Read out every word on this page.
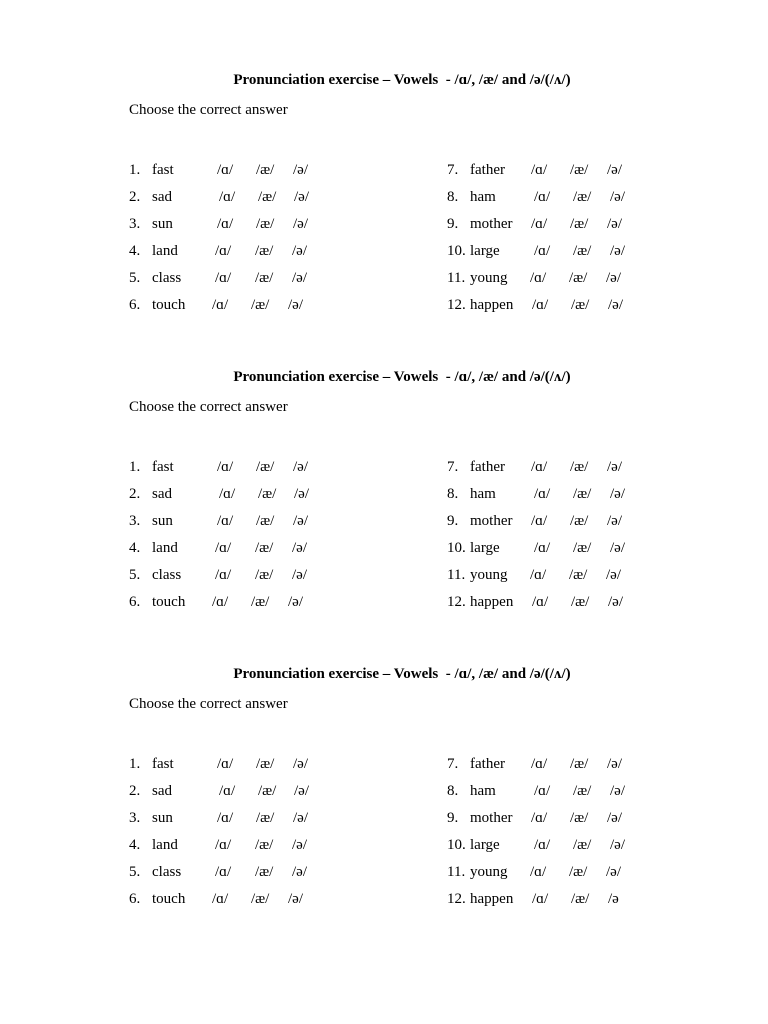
Pronunciation exercise – Vowels  - /ɑ/, /æ/ and /ə/(/ʌ/)
Choose the correct answer
1. fast	/ɑ/ /æ/ /ə/
2. sad	/ɑ/ /æ/ /ə/
3. sun	/ɑ/ /æ/ /ə/
4. land /ɑ/ /æ/ /ə/
5. class /ɑ/ /æ/ /ə/
6. touch /ɑ/ /æ/ /ə/
7. father /ɑ/ /æ/ /ə/
8. ham	/ɑ/ /æ/ /ə/
9. mother /ɑ/ /æ/ /ə/
10. large /ɑ/ /æ/ /ə/
11. young /ɑ/ /æ/ /ə/
12. happen /ɑ/ /æ/ /ə/
Pronunciation exercise – Vowels  - /ɑ/, /æ/ and /ə/(/ʌ/)
Choose the correct answer
1. fast	/ɑ/ /æ/ /ə/
2. sad	/ɑ/ /æ/ /ə/
3. sun	/ɑ/ /æ/ /ə/
4. land /ɑ/ /æ/ /ə/
5. class /ɑ/ /æ/ /ə/
6. touch /ɑ/ /æ/ /ə/
7. father /ɑ/ /æ/ /ə/
8. ham	/ɑ/ /æ/ /ə/
9. mother /ɑ/ /æ/ /ə/
10. large /ɑ/ /æ/ /ə/
11. young /ɑ/ /æ/ /ə/
12. happen /ɑ/ /æ/ /ə/
Pronunciation exercise – Vowels  - /ɑ/, /æ/ and /ə/(/ʌ/)
Choose the correct answer
1. fast	/ɑ/ /æ/ /ə/
2. sad	/ɑ/ /æ/ /ə/
3. sun	/ɑ/ /æ/ /ə/
4. land /ɑ/ /æ/ /ə/
5. class /ɑ/ /æ/ /ə/
6. touch /ɑ/ /æ/ /ə/
7. father /ɑ/ /æ/ /ə/
8. ham	/ɑ/ /æ/ /ə/
9. mother /ɑ/ /æ/ /ə/
10. large /ɑ/ /æ/ /ə/
11. young /ɑ/ /æ/ /ə/
12. happen /ɑ/ /æ/ /ə
